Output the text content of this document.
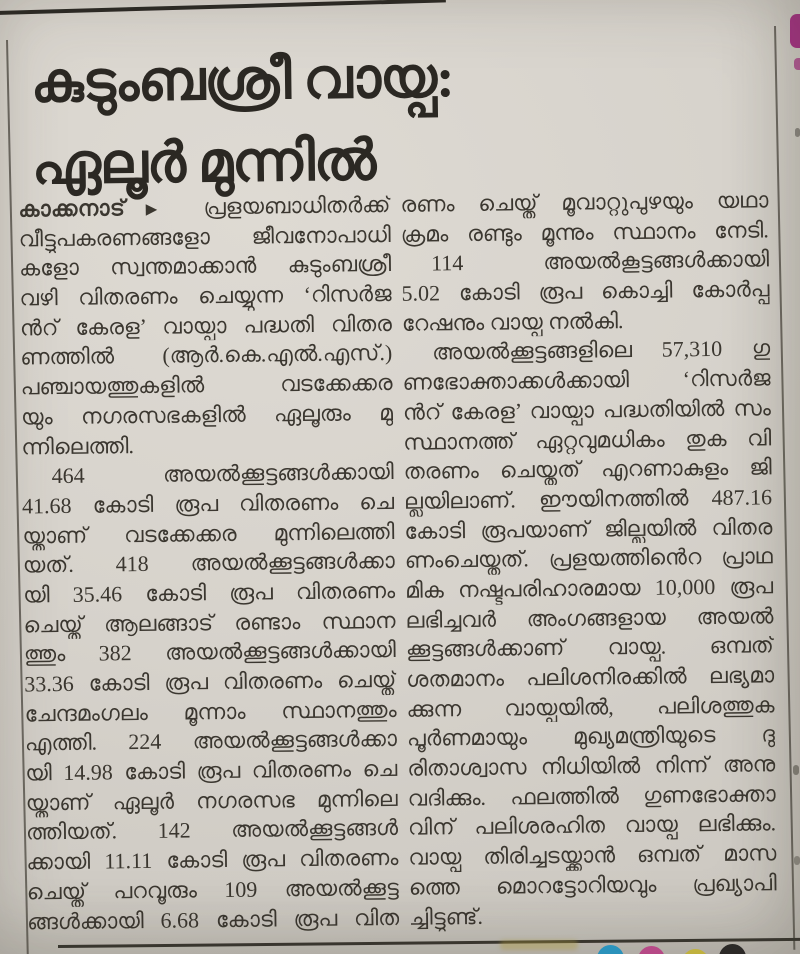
കുടുംബശ്രീ വായ്പ:
ഏലൂർ മുന്നിൽ
കാക്കനാട്▶ പ്രളയബാധിതർക്ക്
വീട്ടുപകരണങ്ങളോ ജീവനോപാധി
കളോ സ്വന്തമാക്കാൻ കുടുംബശ്രീ
വഴി വിതരണം ചെയ്യുന്ന ‘റിസർജ
ൻറ് കേരള’ വായ്പാ പദ്ധതി വിതര
ണത്തിൽ (ആർ.കെ.എൽ.എസ്.)
പഞ്ചായത്തുകളിൽ വടക്കേക്കര
യും നഗരസഭകളിൽ ഏലൂരും മു
ന്നിലെത്തി.
464 അയൽക്കൂട്ടങ്ങൾക്കായി
41.68 കോടി രൂപ വിതരണം ചെ
യ്താണ് വടക്കേക്കര മുന്നിലെത്തി
യത്. 418 അയൽക്കൂട്ടങ്ങൾക്കാ
യി 35.46 കോടി രൂപ വിതരണം
ചെയ്ത് ആലങ്ങാട് രണ്ടാം സ്ഥാന
ത്തും 382 അയൽക്കൂട്ടങ്ങൾക്കായി
33.36 കോടി രൂപ വിതരണം ചെയ്ത്
ചേന്ദമംഗലം മൂന്നാം സ്ഥാനത്തും
എത്തി. 224 അയൽക്കൂട്ടങ്ങൾക്കാ
യി 14.98 കോടി രൂപ വിതരണം ചെ
യ്താണ് ഏലൂർ നഗരസഭ മുന്നിലെ
ത്തിയത്. 142 അയൽക്കൂട്ടങ്ങൾ
ക്കായി 11.11 കോടി രൂപ വിതരണം
ചെയ്ത് പറവൂരും 109 അയൽക്കൂട്ട
ങ്ങൾക്കായി 6.68 കോടി രൂപ വിത
രണം ചെയ്ത് മൂവാറ്റുപുഴയും യഥാ
ക്രമം രണ്ടും മൂന്നും സ്ഥാനം നേടി.
114 അയൽകൂട്ടങ്ങൾക്കായി
5.02 കോടി രൂപ കൊച്ചി കോർപ്പ
റേഷനും വായ്പ നൽകി.
അയൽക്കൂട്ടങ്ങളിലെ 57,310 ഗു
ണഭോക്താക്കൾക്കായി ‘റിസർജ
ൻറ് കേരള’ വായ്പാ പദ്ധതിയിൽ സം
സ്ഥാനത്ത് ഏറ്റവുമധികം തുക വി
തരണം ചെയ്തത് എറണാകുളം ജി
ല്ലയിലാണ്. ഈയിനത്തിൽ 487.16
കോടി രൂപയാണ് ജില്ലയിൽ വിതര
ണംചെയ്തത്. പ്രളയത്തിൻെറ പ്രാഥ
മിക നഷ്ടപരിഹാരമായ 10,000 രൂപ
ലഭിച്ചവർ അംഗങ്ങളായ അയൽ
ക്കൂട്ടങ്ങൾക്കാണ് വായ്പ. ഒമ്പത്
ശതമാനം പലിശനിരക്കിൽ ലഭ്യമാ
ക്കുന്ന വായ്പയിൽ, പലിശത്തുക
പൂർണമായും മുഖ്യമന്ത്രിയുടെ ദു
രിതാശ്വാസ നിധിയിൽ നിന്ന് അനു
വദിക്കും. ഫലത്തിൽ ഗുണഭോക്താ
വിന് പലിശരഹിത വായ്പ ലഭിക്കും.
വായ്പ തിരിച്ചടയ്ക്കാൻ ഒമ്പത് മാസ
ത്തെ മൊറട്ടോറിയവും പ്രഖ്യാപി
ച്ചിട്ടുണ്ട്.
